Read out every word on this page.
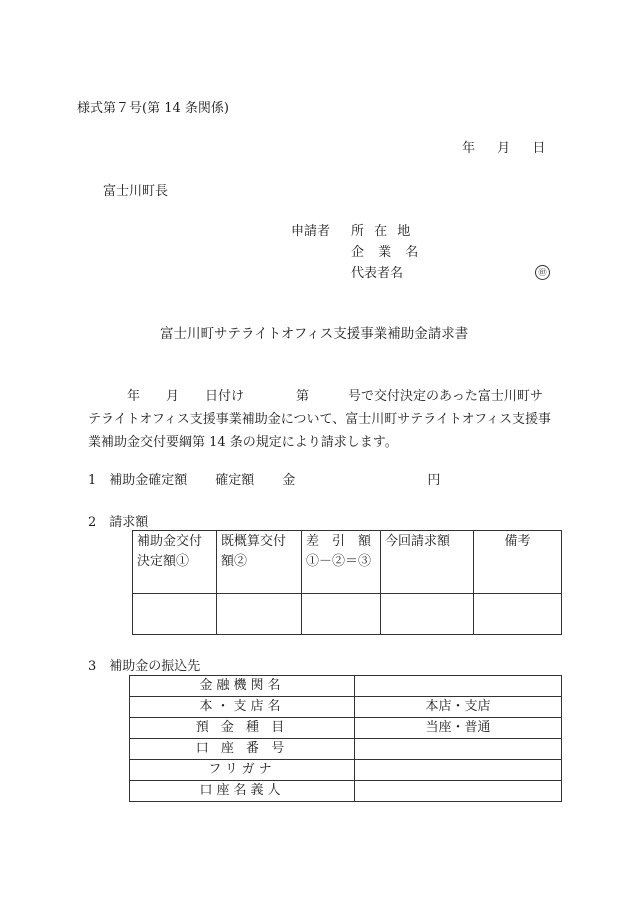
様式第７号(第 14 条関係)
年 月 日
富士川町長
申請者 所 在 地
企 業 名
代表者名	㊞
富士川町サテライトオフィス支援事業補助金請求書
　　　年　　月　　日付け　　　　第　　　号で交付決定のあった富士川町サテライトオフィス支援事業補助金について、富士川町サテライトオフィス支援事業補助金交付要綱第 14 条の規定により請求します。
1　補助金確定額 確定額 金	円
2　請求額
補助金交付決定額①	既概算交付額②	差　引　額①－②＝③	今回請求額	備考

3　補助金の振込先
金融機関名	
本・支店名	本店・支店
預 金 種 目	当座・普通
口 座 番 号	
フリガナ	
口座名義人	
